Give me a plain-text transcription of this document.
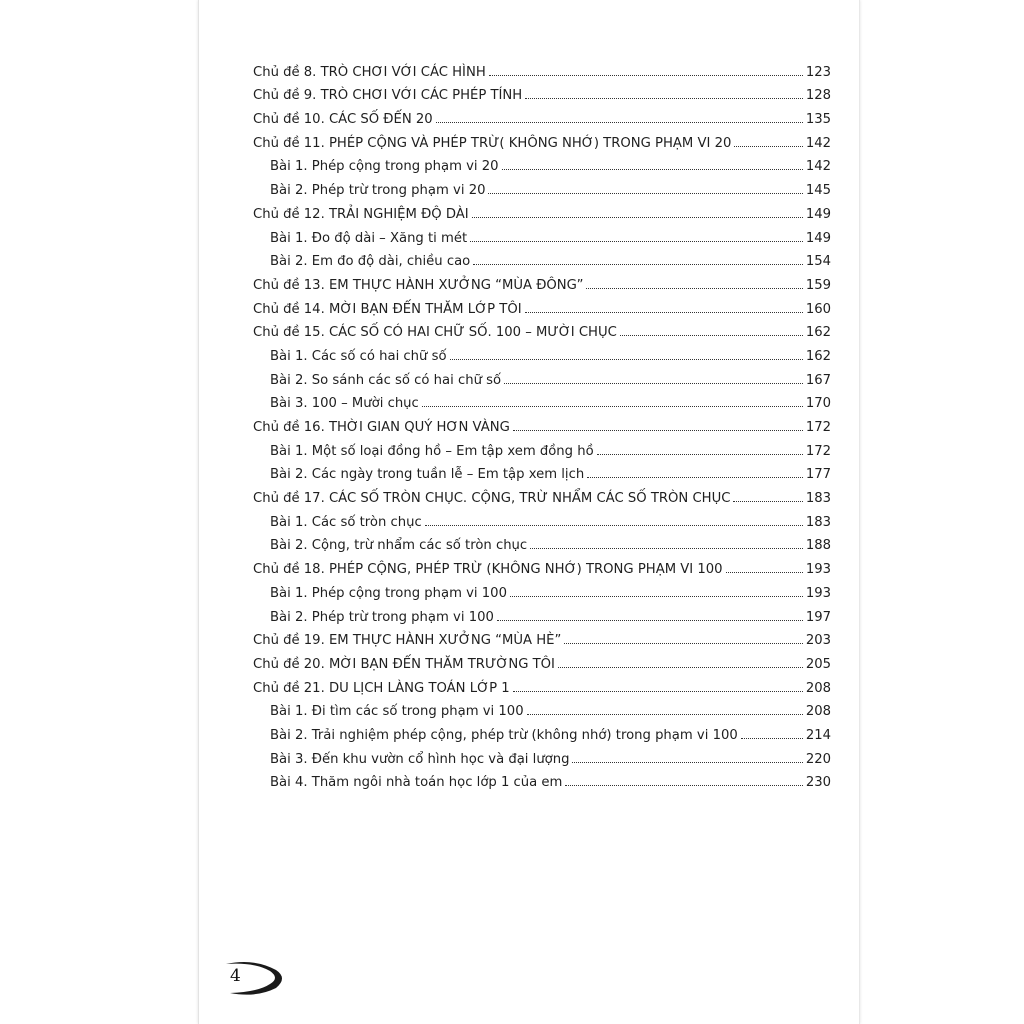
Chủ đề 8. TRÒ CHƠI VỚI CÁC HÌNH	123
Chủ đề 9. TRÒ CHƠI VỚI CÁC PHÉP TÍNH	128
Chủ đề 10. CÁC SỐ ĐẾN 20	135
Chủ đề 11. PHÉP CỘNG VÀ PHÉP TRỪ( KHÔNG NHỚ) TRONG PHẠM VI 20	142
Bài 1. Phép cộng trong phạm vi 20	142
Bài 2. Phép trừ trong phạm vi 20	145
Chủ đề 12. TRẢI NGHIỆM ĐỘ DÀI	149
Bài 1. Đo độ dài – Xăng ti mét	149
Bài 2. Em đo độ dài, chiều cao	154
Chủ đề 13. EM THỰC HÀNH XƯỞNG “MÙA ĐÔNG”	159
Chủ đề 14. MỜI BẠN ĐẾN THĂM LỚP TÔI	160
Chủ đề 15. CÁC SỐ CÓ HAI CHỮ SỐ. 100 – MƯỜI CHỤC	162
Bài 1. Các số có hai chữ số	162
Bài 2. So sánh các số có hai chữ số	167
Bài 3. 100 – Mười chục	170
Chủ đề 16. THỜI GIAN QUÝ HƠN VÀNG	172
Bài 1. Một số loại đồng hồ – Em tập xem đồng hồ	172
Bài 2. Các ngày trong tuần lễ – Em tập xem lịch	177
Chủ đề 17. CÁC SỐ TRÒN CHỤC. CỘNG, TRỪ NHẨM CÁC SỐ TRÒN CHỤC	183
Bài 1. Các số tròn chục	183
Bài 2. Cộng, trừ nhẩm các số tròn chục	188
Chủ đề 18. PHÉP CỘNG, PHÉP TRỪ (KHÔNG NHỚ) TRONG PHẠM VI 100	193
Bài 1. Phép cộng trong phạm vi 100	193
Bài 2. Phép trừ trong phạm vi 100	197
Chủ đề 19. EM THỰC HÀNH XƯỞNG “MÙA HÈ”	203
Chủ đề 20. MỜI BẠN ĐẾN THĂM TRƯỜNG TÔI	205
Chủ đề 21. DU LỊCH LÀNG TOÁN LỚP 1	208
Bài 1. Đi tìm các số trong phạm vi 100	208
Bài 2. Trải nghiệm phép cộng, phép trừ (không nhớ) trong phạm vi 100	214
Bài 3. Đến khu vườn cổ hình học và đại lượng	220
Bài 4. Thăm ngôi nhà toán học lớp 1 của em	230
4
